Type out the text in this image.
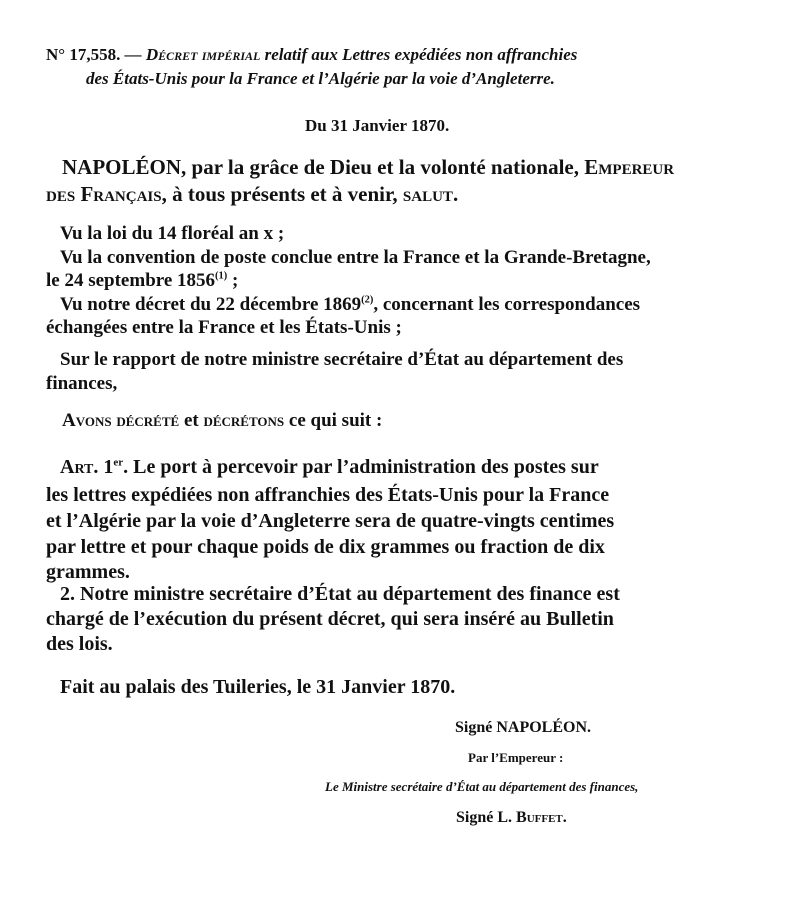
N° 17,558. — Décret impérial relatif aux Lettres expédiées non affranchies
des États-Unis pour la France et l’Algérie par la voie d’Angleterre.
Du 31 Janvier 1870.
NAPOLÉON, par la grâce de Dieu et la volonté nationale, Empereur
des Français, à tous présents et à venir, salut.
Vu la loi du 14 floréal an x ;
Vu la convention de poste conclue entre la France et la Grande-Bretagne,
le 24 septembre 1856$^{(1)}$ ;
Vu notre décret du 22 décembre 1869$^{(2)}$, concernant les correspondances
échangées entre la France et les États-Unis ;
Sur le rapport de notre ministre secrétaire d’État au département des
finances,
Avons décrété et décrétons ce qui suit :
Art. 1er. Le port à percevoir par l’administration des postes sur
les lettres expédiées non affranchies des États-Unis pour la France
et l’Algérie par la voie d’Angleterre sera de quatre-vingts centimes
par lettre et pour chaque poids de dix grammes ou fraction de dix
grammes.
2. Notre ministre secrétaire d’État au département des finance est
chargé de l’exécution du présent décret, qui sera inséré au Bulletin
des lois.
Fait au palais des Tuileries, le 31 Janvier 1870.
Signé NAPOLÉON.
Par l’Empereur :
Le Ministre secrétaire d’État au département des finances,
Signé L. Buffet.
